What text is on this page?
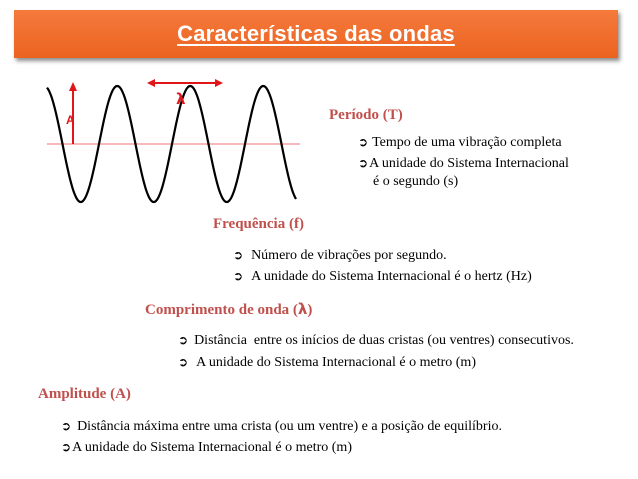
Características das ondas
λ
A	Período (T)
➲ Tempo de uma vibração completa
➲A unidade do Sistema Internacional
é o segundo (s)
Frequência (f)
➲ Número de vibrações por segundo.
➲ A unidade do Sistema Internacional é o hertz (Hz)
Comprimento de onda (λ)
➲ Distância  entre os inícios de duas cristas (ou ventres) consecutivos.
➲ A unidade do Sistema Internacional é o metro (m)
Amplitude (A)
➲ Distância máxima entre uma crista (ou um ventre) e a posição de equilíbrio.
➲A unidade do Sistema Internacional é o metro (m)
